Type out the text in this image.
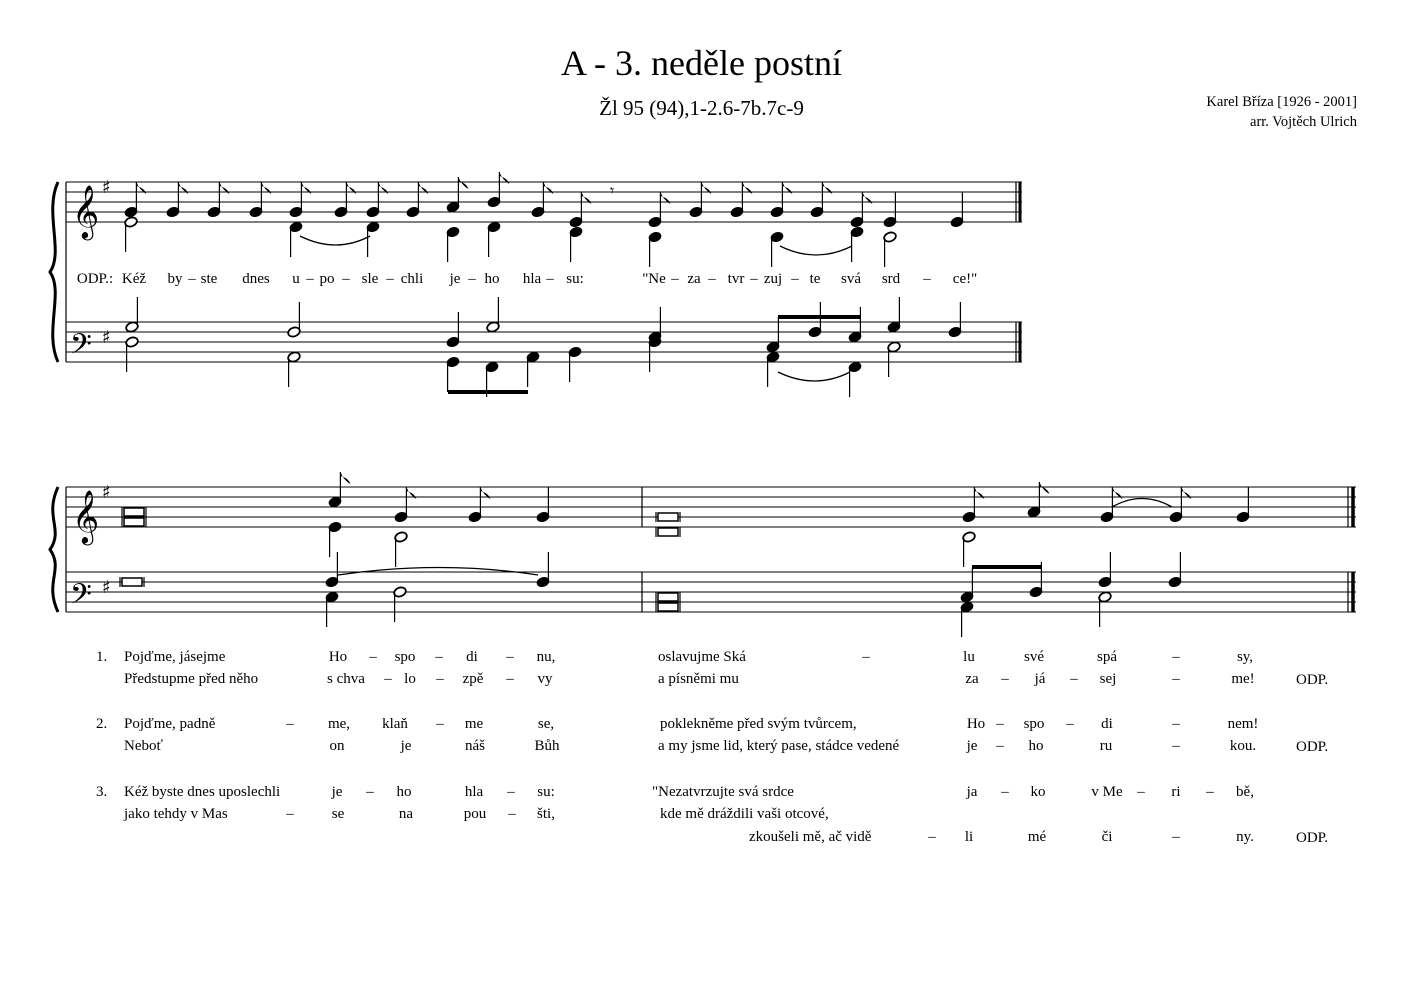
A - 3. neděle postní
Žl 95 (94),1-2.6-7b.7c-9	Karel Bříza [1926 - 2001]
arr. Vojtěch Ulrich
𝄞 ♯
𝄢 ♯
𝄾
𝄞 ♯
𝄢 ♯
ODP.: Kéž by – ste dnes u – po – sle – chli je – ho hla – su:	"Ne – za – tvr – zuj – te svá srd – ce!"
1. Pojďme, jásejme	Ho – spo – di – nu,	oslavujme Ská	–	lu	své	spá	–	sy,
Předstupme před něho	s chva – lo – zpě – vy	a písněmi mu	za – já – sej	–	me!	ODP.
2. Pojďme, padně	– me, klaň – me	se,	poklekněme před svým tvůrcem,	Ho – spo – di	–	nem!
Neboť	on	je	náš	Bůh	a my jsme lid, který pase, stádce vedené	je – ho	ru	–	kou.	ODP.
3. Kéž byste dnes uposlechli	je – ho	hla – su:	"Nezatvrzujte svá srdce	ja – ko	v Me – ri – bě,
jako tehdy v Mas	–	se	na	pou – šti,	kde mě dráždili vaši otcové,
zkoušeli mě, ač vidě	– li	mé	či	–	ny.	ODP.
